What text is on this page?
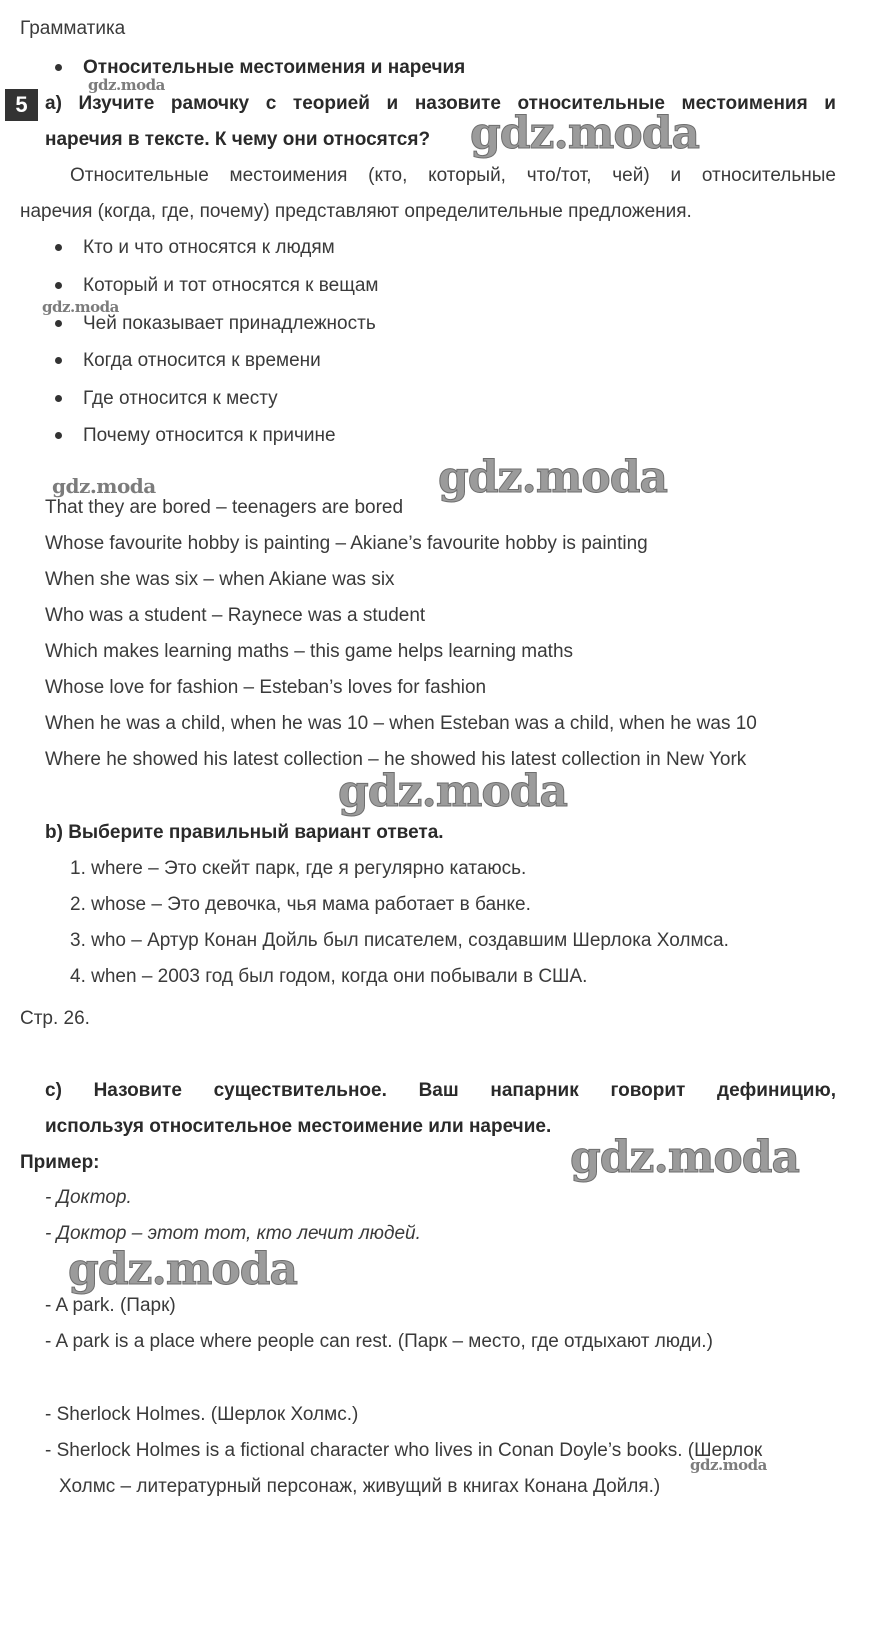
Грамматика
Относительные местоимения и наречия
5 а) Изучите рамочку с теорией и назовите относительные местоимения и
наречия в тексте. К чему они относятся?
Относительные местоимения (кто, который, что/тот, чей) и относительные
наречия (когда, где, почему) представляют определительные предложения.
Кто и что относятся к людям
Который и тот относятся к вещам
Чей показывает принадлежность
Когда относится к времени
Где относится к месту
Почему относится к причине
That they are bored – teenagers are bored
Whose favourite hobby is painting – Akiane’s favourite hobby is painting
When she was six – when Akiane was six
Who was a student – Raynece was a student
Which makes learning maths – this game helps learning maths
Whose love for fashion – Esteban’s loves for fashion
When he was a child, when he was 10 – when Esteban was a child, when he was 10
Where he showed his latest collection – he showed his latest collection in New York
b) Выберите правильный вариант ответа.
1. where – Это скейт парк, где я регулярно катаюсь.
2. whose – Это девочка, чья мама работает в банке.
3. who – Артур Конан Дойль был писателем, создавшим Шерлока Холмса.
4. when – 2003 год был годом, когда они побывали в США.
Стр. 26.
c) Назовите существительное. Ваш напарник говорит дефиницию,
используя относительное местоимение или наречие.
Пример:
- Доктор.
- Доктор – этот тот, кто лечит людей.
- A park. (Парк)
- A park is a place where people can rest. (Парк – место, где отдыхают люди.)
- Sherlock Holmes. (Шерлок Холмс.)
- Sherlock Holmes is a fictional character who lives in Conan Doyle’s books. (Шерлок
Холмс – литературный персонаж, живущий в книгах Конана Дойля.)
gdz.moda
gdz.moda
gdz.moda
gdz.moda	gdz.moda
gdz.moda
gdz.moda
gdz.moda
gdz.moda
